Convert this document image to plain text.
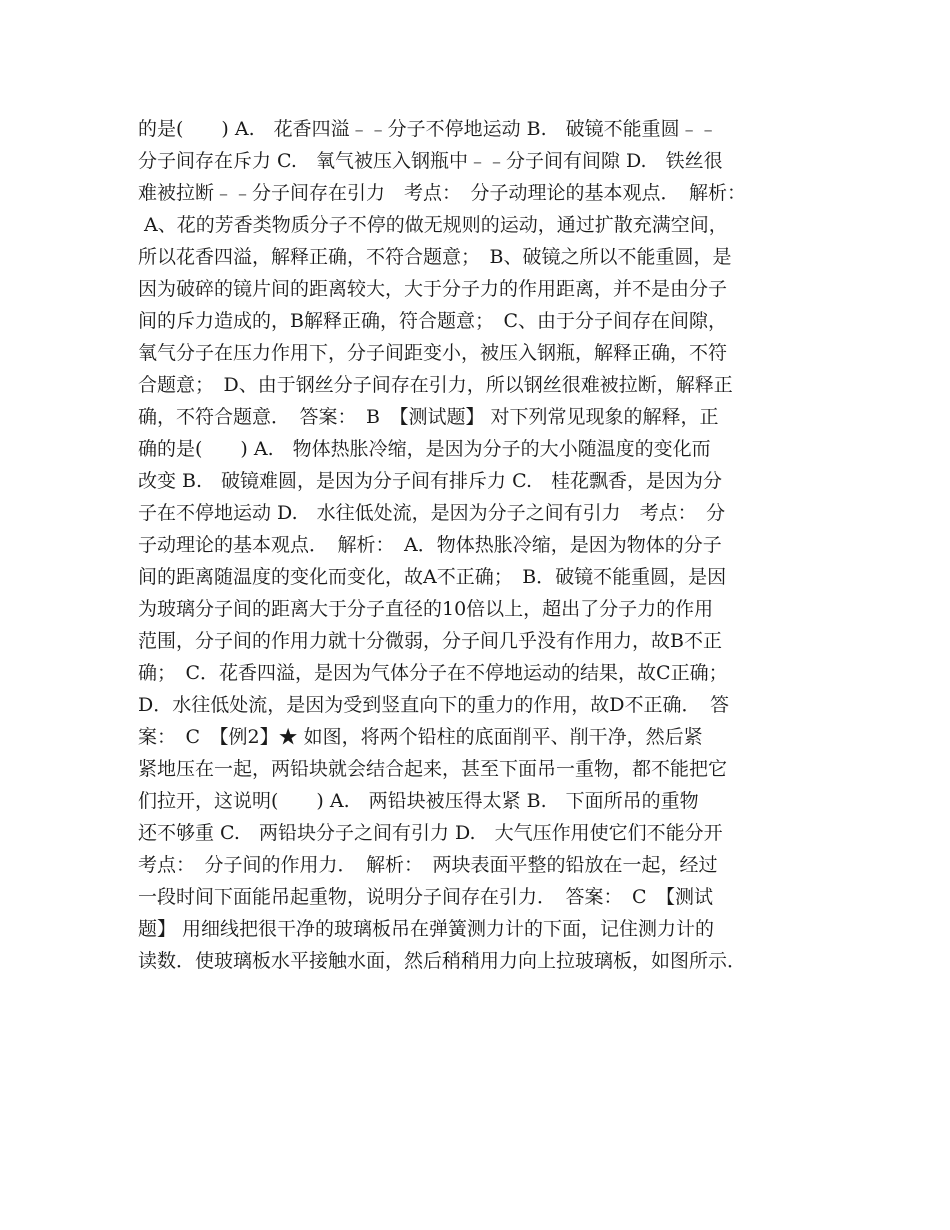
的是(　　) A.　花香四溢﹣﹣分子不停地运动 B.　破镜不能重圆﹣﹣
分子间存在斥力 C.　氧气被压入钢瓶中﹣﹣分子间有间隙 D.　铁丝很
难被拉断﹣﹣分子间存在引力　考点：　分子动理论的基本观点．　解析：
A、花的芳香类物质分子不停的做无规则的运动，通过扩散充满空间，
所以花香四溢，解释正确，不符合题意；　B、破镜之所以不能重圆，是
因为破碎的镜片间的距离较大，大于分子力的作用距离，并不是由分子
间的斥力造成的，B解释正确，符合题意；　C、由于分子间存在间隙，
氧气分子在压力作用下，分子间距变小，被压入钢瓶，解释正确，不符
合题意；　D、由于钢丝分子间存在引力，所以钢丝很难被拉断，解释正
确，不符合题意．　答案：　B　【测试题】 对下列常见现象的解释，正
确的是(　　) A.　物体热胀冷缩，是因为分子的大小随温度的变化而
改变 B.　破镜难圆，是因为分子间有排斥力 C.　桂花飘香，是因为分
子在不停地运动 D.　水往低处流，是因为分子之间有引力　考点：　分
子动理论的基本观点．　解析：　A．物体热胀冷缩，是因为物体的分子
间的距离随温度的变化而变化，故A不正确；　B．破镜不能重圆，是因
为玻璃分子间的距离大于分子直径的10倍以上，超出了分子力的作用
范围，分子间的作用力就十分微弱，分子间几乎没有作用力，故B不正
确；　C．花香四溢，是因为气体分子在不停地运动的结果，故C正确；
D．水往低处流，是因为受到竖直向下的重力的作用，故D不正确．　答
案：　C　【例2】★ 如图，将两个铅柱的底面削平、削干净，然后紧
紧地压在一起，两铅块就会结合起来，甚至下面吊一重物，都不能把它
们拉开，这说明(　　) A.　两铅块被压得太紧 B.　下面所吊的重物
还不够重 C.　两铅块分子之间有引力 D.　大气压作用使它们不能分开
考点：　分子间的作用力．　解析：　两块表面平整的铅放在一起，经过
一段时间下面能吊起重物，说明分子间存在引力．　答案：　C　【测试
题】 用细线把很干净的玻璃板吊在弹簧测力计的下面，记住测力计的
读数．使玻璃板水平接触水面，然后稍稍用力向上拉玻璃板，如图所示．
